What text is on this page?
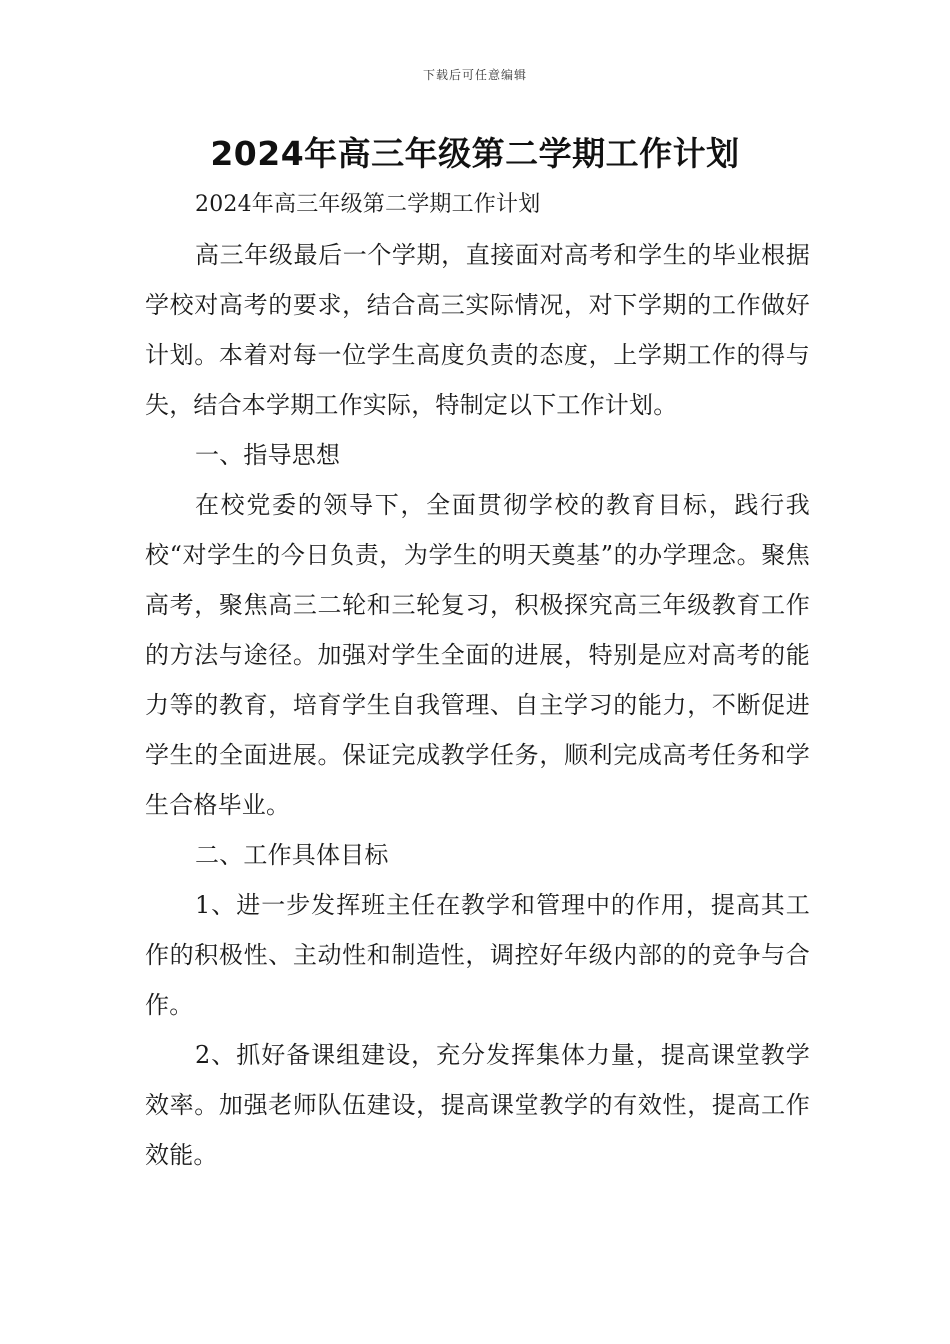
下载后可任意编辑
2024年高三年级第二学期工作计划

2024年高三年级第二学期工作计划

高三年级最后一个学期，直接面对高考和学生的毕业根据学校对高考的要求，结合高三实际情况，对下学期的工作做好计划。本着对每一位学生高度负责的态度，上学期工作的得与失，结合本学期工作实际，特制定以下工作计划。

一、指导思想

在校党委的领导下，全面贯彻学校的教育目标，践行我校“对学生的今日负责，为学生的明天奠基”的办学理念。聚焦高考，聚焦高三二轮和三轮复习，积极探究高三年级教育工作的方法与途径。加强对学生全面的进展，特别是应对高考的能力等的教育，培育学生自我管理、自主学习的能力，不断促进学生的全面进展。保证完成教学任务，顺利完成高考任务和学生合格毕业。

二、工作具体目标

1、进一步发挥班主任在教学和管理中的作用，提高其工作的积极性、主动性和制造性，调控好年级内部的的竞争与合作。

2、抓好备课组建设，充分发挥集体力量，提高课堂教学效率。加强老师队伍建设，提高课堂教学的有效性，提高工作效能。
